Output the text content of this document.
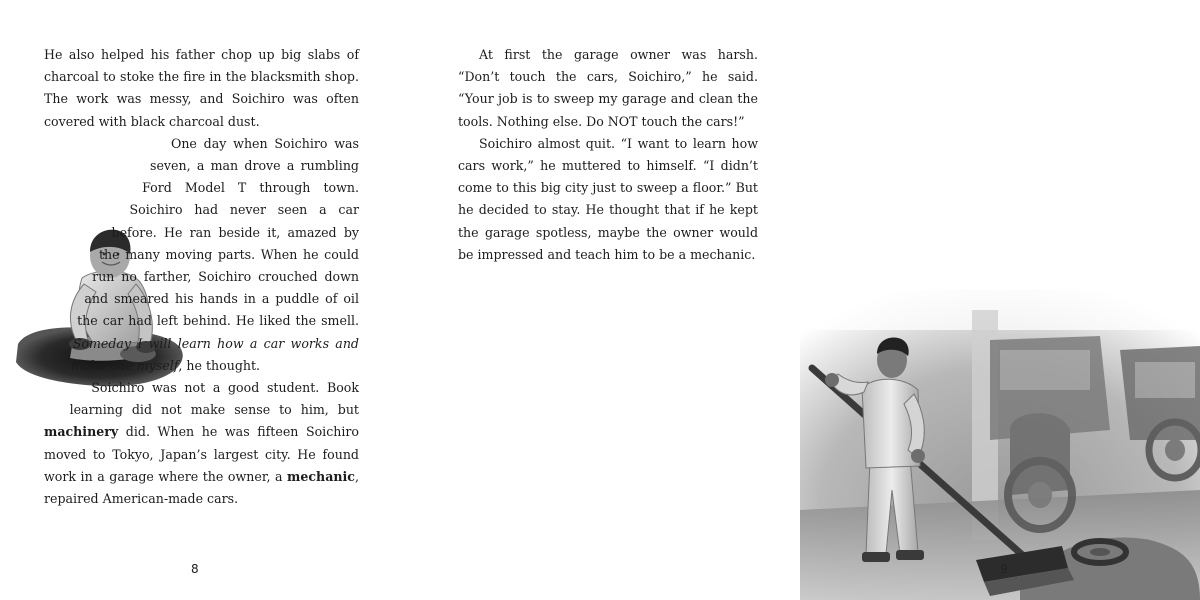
He also helped his father chop up big slabs of charcoal to stoke the fire in the blacksmith shop. The work was messy, and Soichiro was often covered with black charcoal dust.

One day when Soichiro was seven, a man drove a rumbling Ford Model T through town. Soichiro had never seen a car before. He ran beside it, amazed by the many moving parts. When he could run no farther, Soichiro crouched down and smeared his hands in a puddle of oil the car had left behind. He liked the smell. Someday I will learn how a car works and make one myself, he thought.

Soichiro was not a good student. Book learning did not make sense to him, but machinery did. When he was fifteen Soichiro moved to Tokyo, Japan’s largest city. He found work in a garage where the owner, a mechanic, repaired American-made cars.

8	9

At first the garage owner was harsh. “Don’t touch the cars, Soichiro,” he said. “Your job is to sweep my garage and clean the tools. Nothing else. Do NOT touch the cars!”

Soichiro almost quit. “I want to learn how cars work,” he muttered to himself. “I didn’t come to this big city just to sweep a floor.” But he decided to stay. He thought that if he kept the garage spotless, maybe the owner would be impressed and teach him to be a mechanic.
